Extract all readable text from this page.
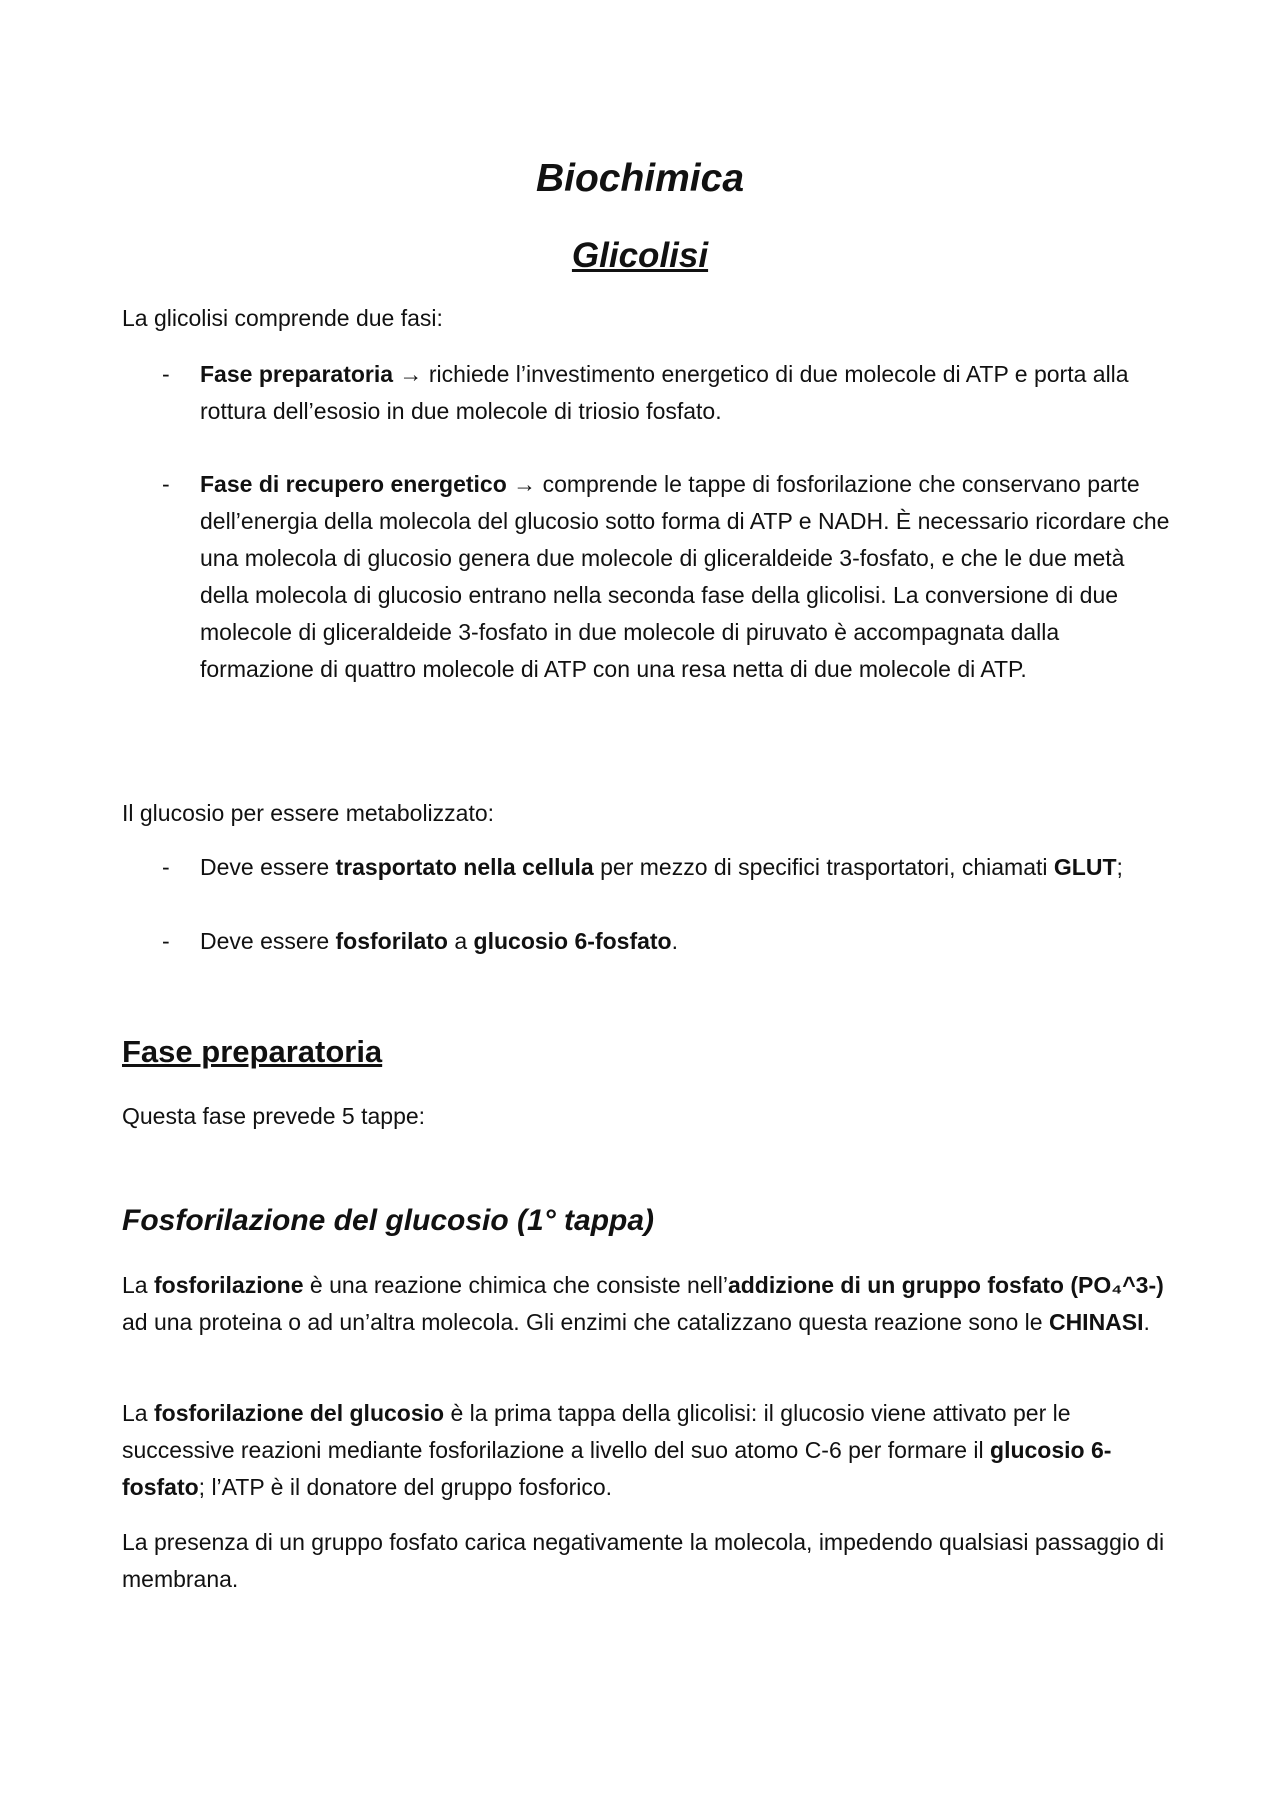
Biochimica
Glicolisi
La glicolisi comprende due fasi:
- Fase preparatoria → richiede l’investimento energetico di due molecole di ATP e porta alla rottura dell’esosio in due molecole di triosio fosfato.
- Fase di recupero energetico → comprende le tappe di fosforilazione che conservano parte dell’energia della molecola del glucosio sotto forma di ATP e NADH. È necessario ricordare che una molecola di glucosio genera due molecole di gliceraldeide 3-fosfato, e che le due metà della molecola di glucosio entrano nella seconda fase della glicolisi. La conversione di due molecole di gliceraldeide 3-fosfato in due molecole di piruvato è accompagnata dalla formazione di quattro molecole di ATP con una resa netta di due molecole di ATP.
Il glucosio per essere metabolizzato:
- Deve essere trasportato nella cellula per mezzo di specifici trasportatori, chiamati GLUT;
- Deve essere fosforilato a glucosio 6-fosfato.
Fase preparatoria
Questa fase prevede 5 tappe:
Fosforilazione del glucosio (1° tappa)
La fosforilazione è una reazione chimica che consiste nell’addizione di un gruppo fosfato (PO₄^3-) ad una proteina o ad un’altra molecola. Gli enzimi che catalizzano questa reazione sono le CHINASI.
La fosforilazione del glucosio è la prima tappa della glicolisi: il glucosio viene attivato per le successive reazioni mediante fosforilazione a livello del suo atomo C-6 per formare il glucosio 6-fosfato; l’ATP è il donatore del gruppo fosforico.
La presenza di un gruppo fosfato carica negativamente la molecola, impedendo qualsiasi passaggio di membrana.
